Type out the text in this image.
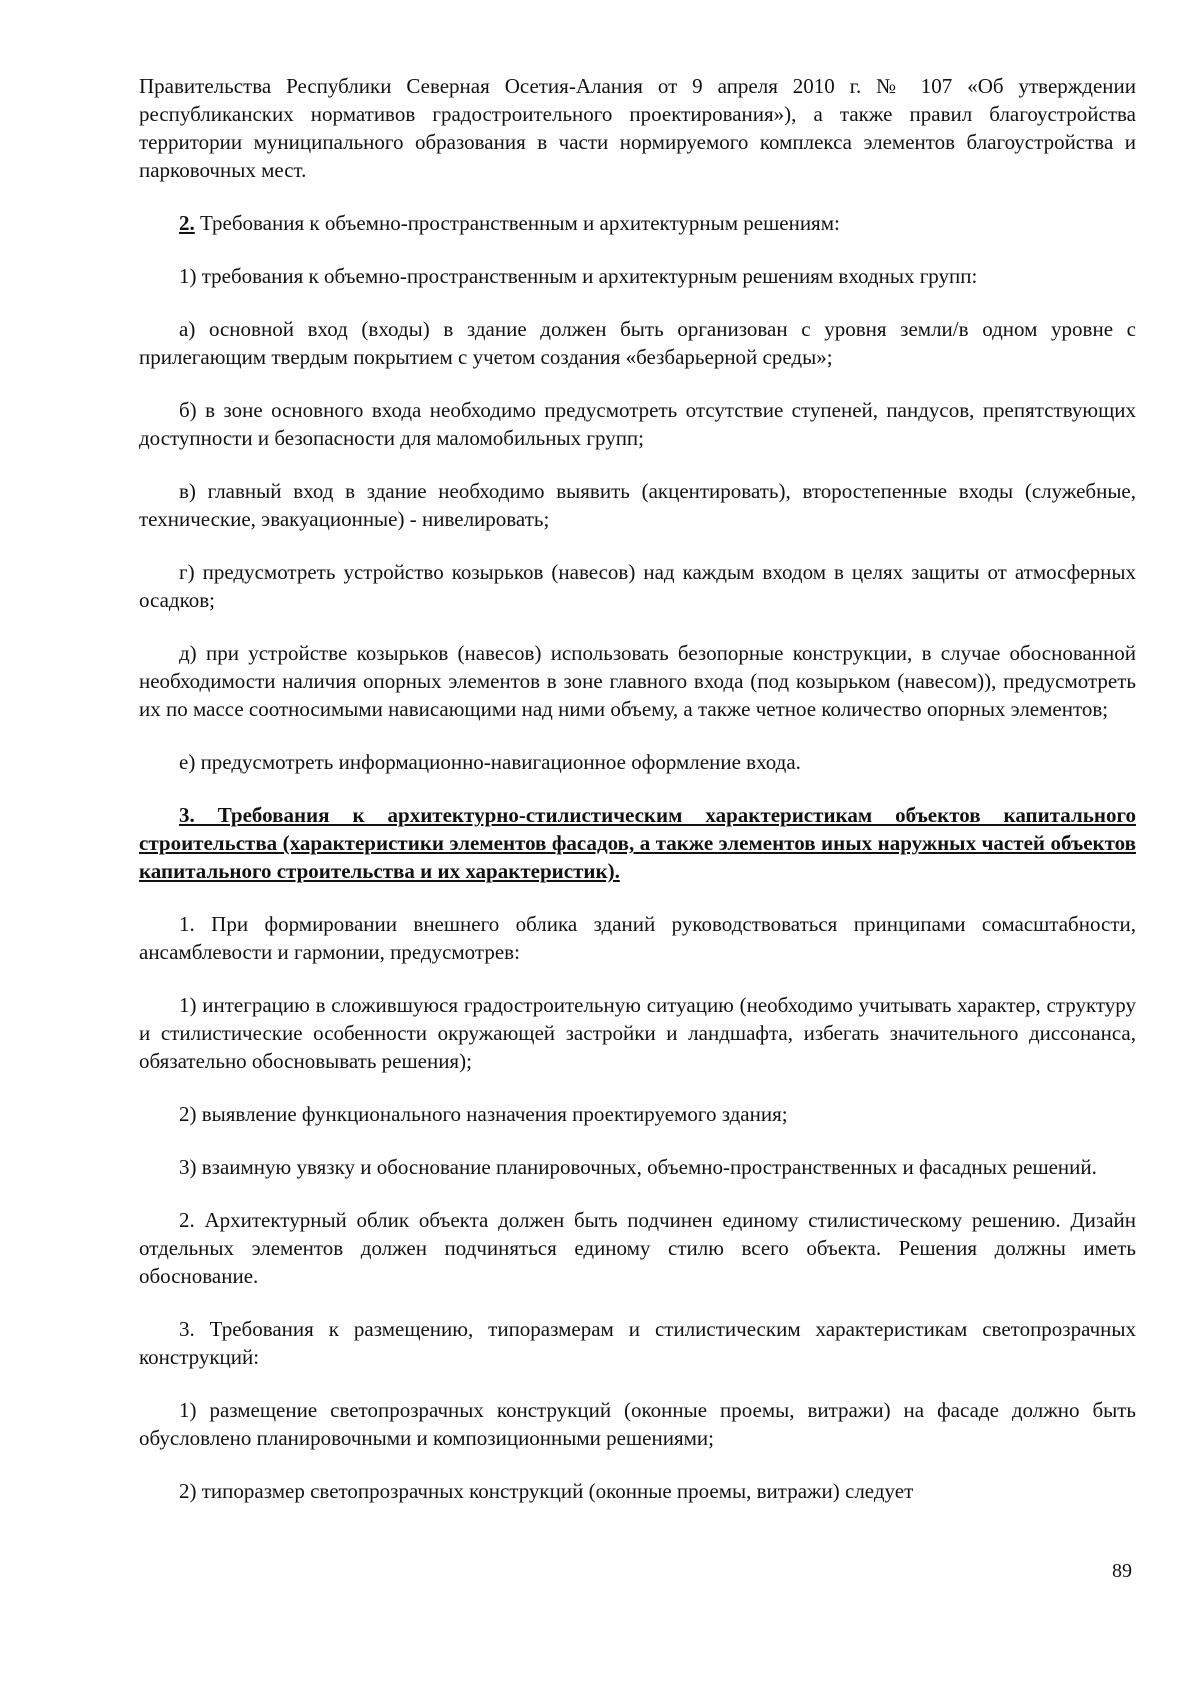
Правительства Республики Северная Осетия-Алания от 9 апреля 2010 г. № 107 «Об утверждении республиканских нормативов градостроительного проектирования»), а также правил благоустройства территории муниципального образования в части нормируемого комплекса элементов благоустройства и парковочных мест.

2. Требования к объемно-пространственным и архитектурным решениям:

1) требования к объемно-пространственным и архитектурным решениям входных групп:

а) основной вход (входы) в здание должен быть организован с уровня земли/в одном уровне с прилегающим твердым покрытием с учетом создания «безбарьерной среды»;

б) в зоне основного входа необходимо предусмотреть отсутствие ступеней, пандусов, препятствующих доступности и безопасности для маломобильных групп;

в) главный вход в здание необходимо выявить (акцентировать), второстепенные входы (служебные, технические, эвакуационные) - нивелировать;

г) предусмотреть устройство козырьков (навесов) над каждым входом в целях защиты от атмосферных осадков;

д) при устройстве козырьков (навесов) использовать безопорные конструкции, в случае обоснованной необходимости наличия опорных элементов в зоне главного входа (под козырьком (навесом)), предусмотреть их по массе соотносимыми нависающими над ними объему, а также четное количество опорных элементов;

е) предусмотреть информационно-навигационное оформление входа.

3. Требования к архитектурно-стилистическим характеристикам объектов капитального строительства (характеристики элементов фасадов, а также элементов иных наружных частей объектов капитального строительства и их характеристик).

1. При формировании внешнего облика зданий руководствоваться принципами сомасштабности, ансамблевости и гармонии, предусмотрев:

1) интеграцию в сложившуюся градостроительную ситуацию (необходимо учитывать характер, структуру и стилистические особенности окружающей застройки и ландшафта, избегать значительного диссонанса, обязательно обосновывать решения);

2) выявление функционального назначения проектируемого здания;

3) взаимную увязку и обоснование планировочных, объемно-пространственных и фасадных решений.

2. Архитектурный облик объекта должен быть подчинен единому стилистическому решению. Дизайн отдельных элементов должен подчиняться единому стилю всего объекта. Решения должны иметь обоснование.

3. Требования к размещению, типоразмерам и стилистическим характеристикам светопрозрачных конструкций:

1) размещение светопрозрачных конструкций (оконные проемы, витражи) на фасаде должно быть обусловлено планировочными и композиционными решениями;

2) типоразмер светопрозрачных конструкций (оконные проемы, витражи) следует

89
